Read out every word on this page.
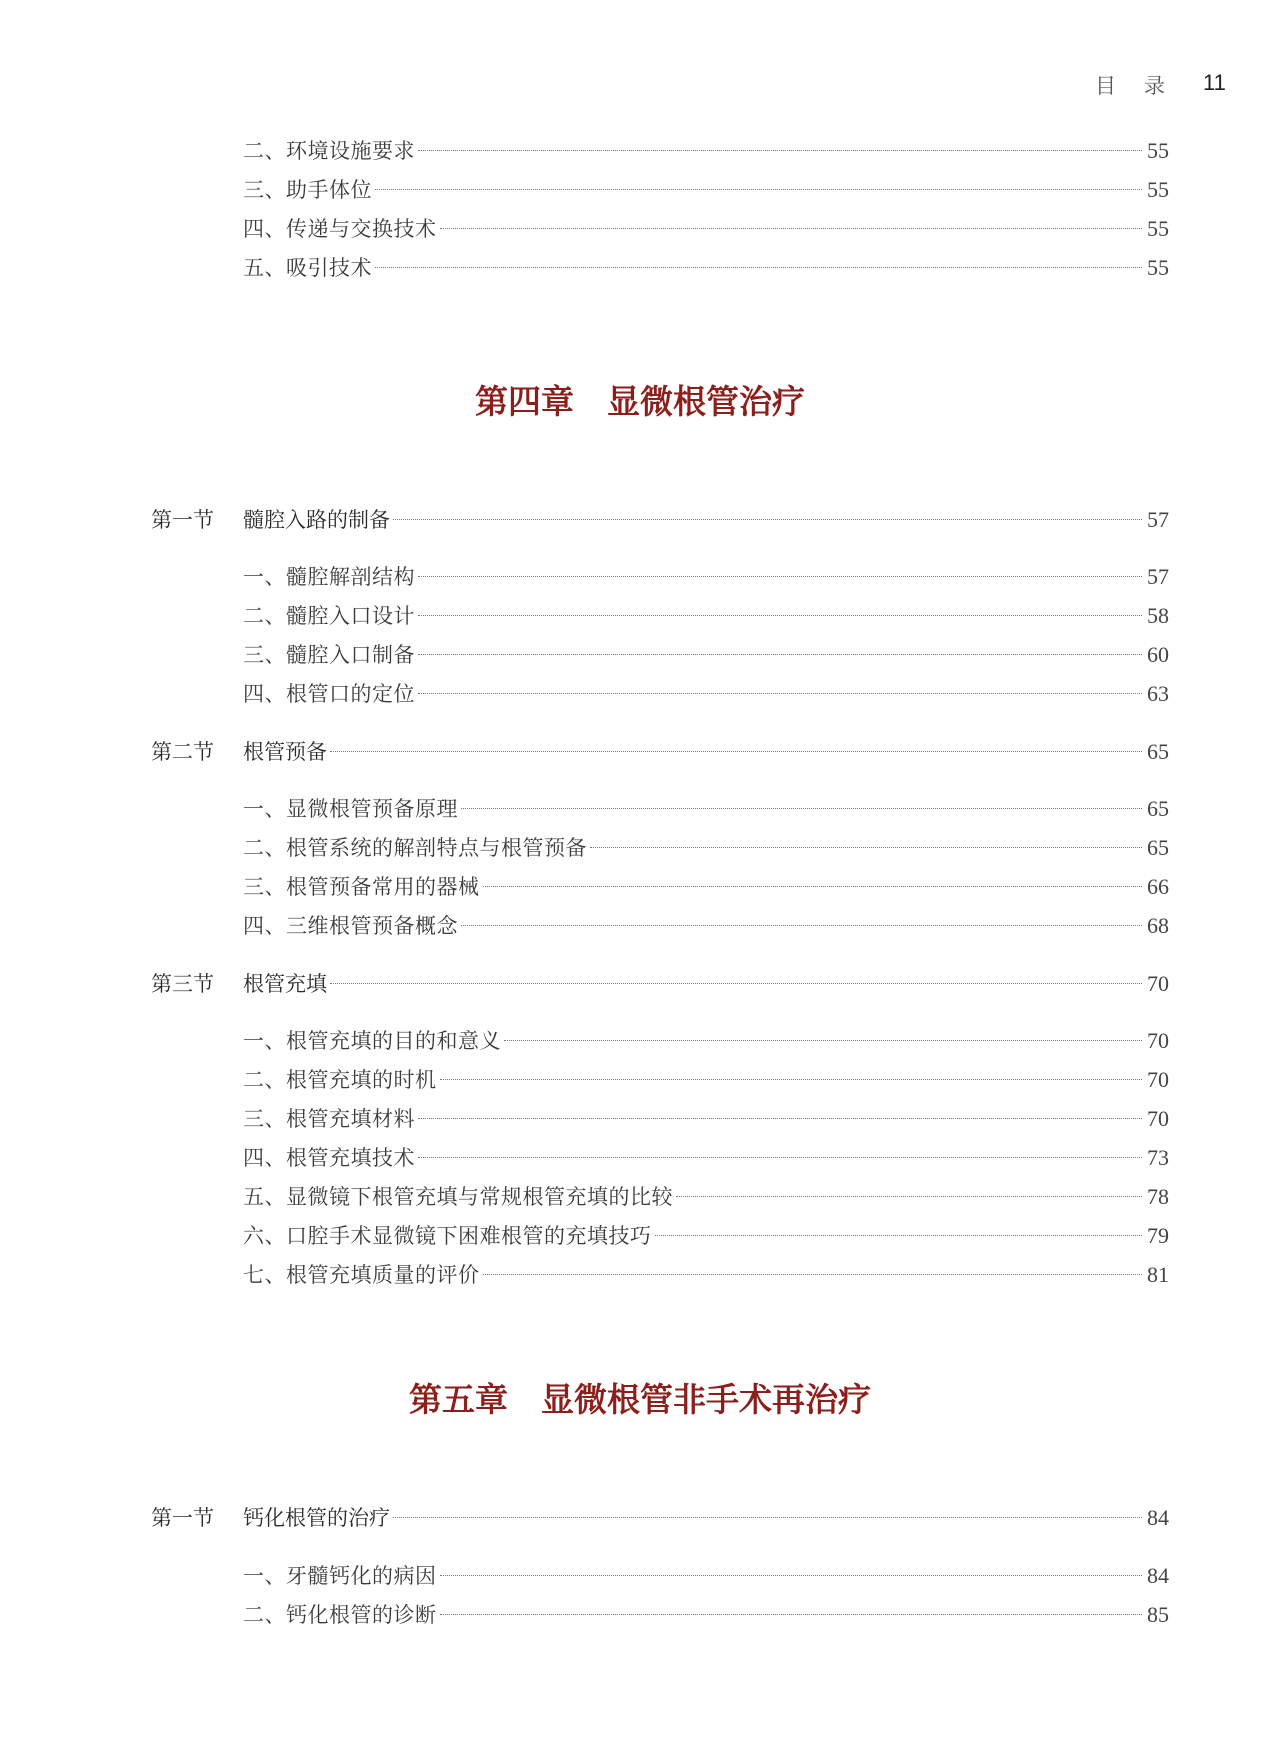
目录 11
二、环境设施要求	55
三、助手体位	55
四、传递与交换技术	55
五、吸引技术	55
第四章　显微根管治疗
第一节	髓腔入路的制备	57
一、髓腔解剖结构	57
二、髓腔入口设计	58
三、髓腔入口制备	60
四、根管口的定位	63
第二节	根管预备	65
一、显微根管预备原理	65
二、根管系统的解剖特点与根管预备	65
三、根管预备常用的器械	66
四、三维根管预备概念	68
第三节	根管充填	70
一、根管充填的目的和意义	70
二、根管充填的时机	70
三、根管充填材料	70
四、根管充填技术	73
五、显微镜下根管充填与常规根管充填的比较	78
六、口腔手术显微镜下困难根管的充填技巧	79
七、根管充填质量的评价	81
第五章　显微根管非手术再治疗
第一节	钙化根管的治疗	84
一、牙髓钙化的病因	84
二、钙化根管的诊断	85
